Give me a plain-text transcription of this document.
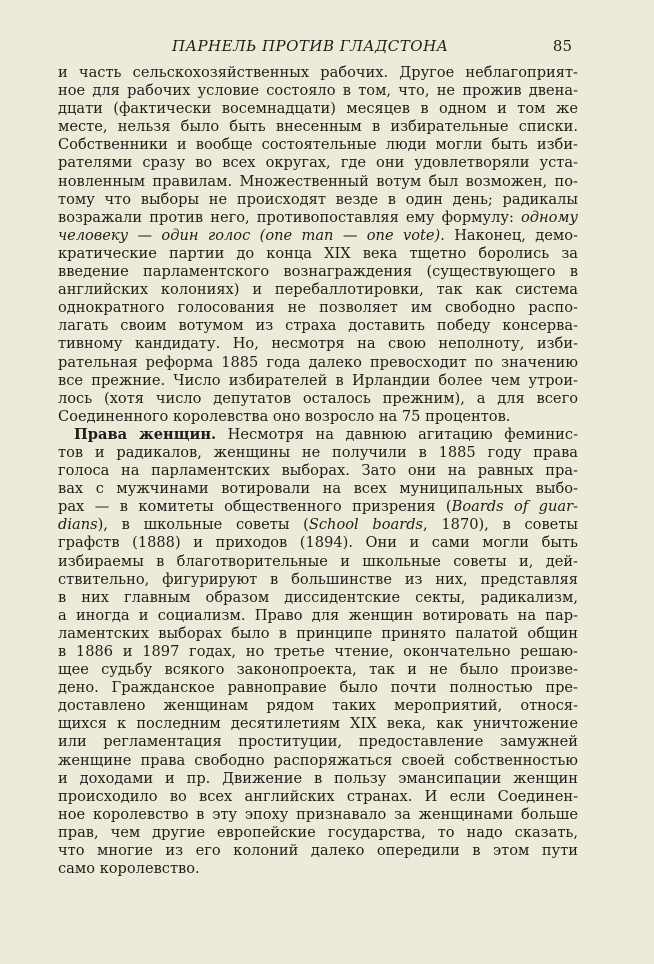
ПАРНЕЛЬ ПРОТИВ ГЛАДСТОНА	85
и часть сельскохозяйственных рабочих. Другое неблагоприят-
ное для рабочих условие состояло в том, что, не прожив двена-
дцати (фактически восемнадцати) месяцев в одном и том же
месте, нельзя было быть внесенным в избирательные списки.
Собственники и вообще состоятельные люди могли быть изби-
рателями сразу во всех округах, где они удовлетворяли уста-
новленным правилам. Множественный вотум был возможен, по-
тому что выборы не происходят везде в один день; радикалы
возражали против него, противопоставляя ему формулу: одному
человеку — один голос (one man — one vote). Наконец, демо-
кратические партии до конца XIX века тщетно боролись за
введение парламентского вознаграждения (существующего в
английских колониях) и перебаллотировки, так как система
однократного голосования не позволяет им свободно распо-
лагать своим вотумом из страха доставить победу консерва-
тивному кандидату. Но, несмотря на свою неполноту, изби-
рательная реформа 1885 года далеко превосходит по значению
все прежние. Число избирателей в Ирландии более чем утрои-
лось (хотя число депутатов осталось прежним), а для всего
Соединенного королевства оно возросло на 75 процентов.
Права женщин. Несмотря на давнюю агитацию феминис-
тов и радикалов, женщины не получили в 1885 году права
голоса на парламентских выборах. Зато они на равных пра-
вах с мужчинами вотировали на всех муниципальных выбо-
рах — в комитеты общественного призрения (Boards of guar-
dians), в школьные советы (School boards, 1870), в советы
графств (1888) и приходов (1894). Они и сами могли быть
избираемы в благотворительные и школьные советы и, дей-
ствительно, фигурируют в большинстве из них, представляя
в них главным образом диссидентские секты, радикализм,
а иногда и социализм. Право для женщин вотировать на пар-
ламентских выборах было в принципе принято палатой общин
в 1886 и 1897 годах, но третье чтение, окончательно решаю-
щее судьбу всякого законопроекта, так и не было произве-
дено. Гражданское равноправие было почти полностью пре-
доставлено женщинам рядом таких мероприятий, относя-
щихся к последним десятилетиям XIX века, как уничтожение
или регламентация проституции, предоставление замужней
женщине права свободно распоряжаться своей собственностью
и доходами и пр. Движение в пользу эмансипации женщин
происходило во всех английских странах. И если Соединен-
ное королевство в эту эпоху признавало за женщинами больше
прав, чем другие европейские государства, то надо сказать,
что многие из его колоний далеко опередили в этом пути
само королевство.
